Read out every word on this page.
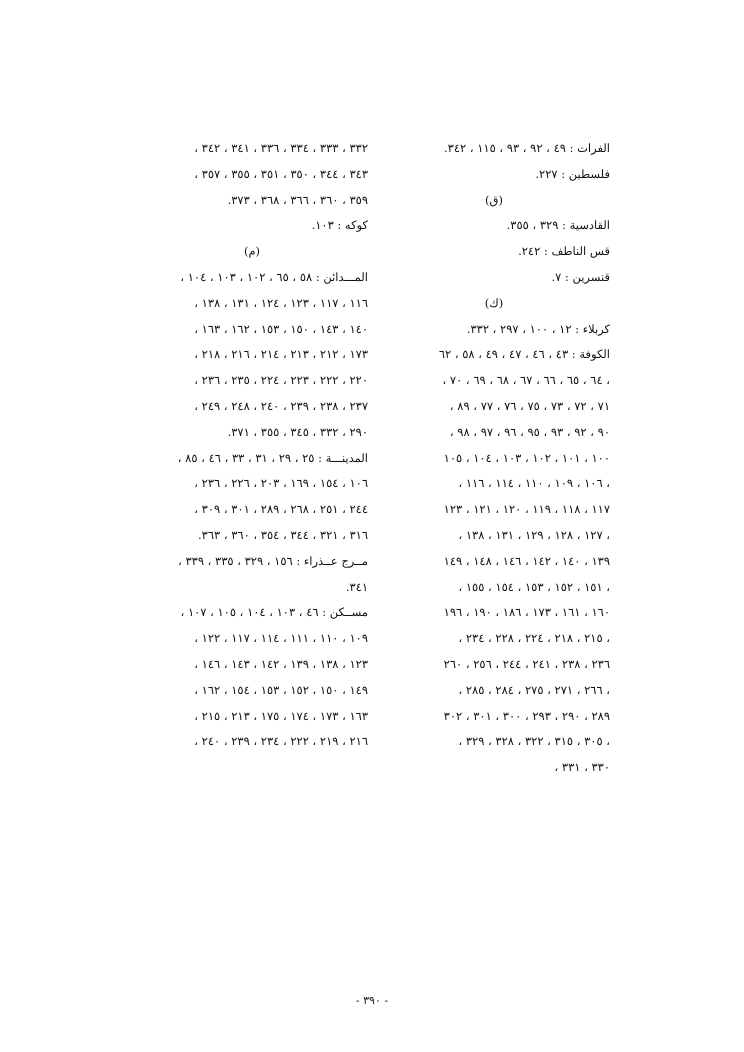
الفرات : ٤٩ ، ٩٢ ، ٩٣ ، ١١٥ ، ٣٤٢.
فلسطين : ٢٢٧.
(ق)
القادسية : ٣٢٩ ، ٣٥٥.
قس الناطف : ٢٤٢.
قنسرين : ٧.
(ك)
كربلاء : ١٢ ، ١٠٠ ، ٢٩٧ ، ٣٣٢.
الكوفة : ٤٣ ، ٤٦ ، ٤٧ ، ٤٩ ، ٥٨ ، ٦٢
، ٦٤ ، ٦٥ ، ٦٦ ، ٦٧ ، ٦٨ ، ٦٩ ، ٧٠ ،
٧١ ، ٧٢ ، ٧٣ ، ٧٥ ، ٧٦ ، ٧٧ ، ٨٩ ،
٩٠ ، ٩٢ ، ٩٣ ، ٩٥ ، ٩٦ ، ٩٧ ، ٩٨ ،
١٠٠ ، ١٠١ ، ١٠٢ ، ١٠٣ ، ١٠٤ ، ١٠٥
، ١٠٦ ، ١٠٩ ، ١١٠ ، ١١٤ ، ١١٦ ،
١١٧ ، ١١٨ ، ١١٩ ، ١٢٠ ، ١٢١ ، ١٢٣
، ١٢٧ ، ١٢٨ ، ١٢٩ ، ١٣١ ، ١٣٨ ،
١٣٩ ، ١٤٠ ، ١٤٢ ، ١٤٦ ، ١٤٨ ، ١٤٩
، ١٥١ ، ١٥٢ ، ١٥٣ ، ١٥٤ ، ١٥٥ ،
١٦٠ ، ١٦١ ، ١٧٣ ، ١٨٦ ، ١٩٠ ، ١٩٦
، ٢١٥ ، ٢١٨ ، ٢٢٤ ، ٢٢٨ ، ٢٣٤ ،
٢٣٦ ، ٢٣٨ ، ٢٤١ ، ٢٤٤ ، ٢٥٦ ، ٢٦٠
، ٢٦٦ ، ٢٧١ ، ٢٧٥ ، ٢٨٤ ، ٢٨٥ ،
٢٨٩ ، ٢٩٠ ، ٢٩٣ ، ٣٠٠ ، ٣٠١ ، ٣٠٢
، ٣٠٥ ، ٣١٥ ، ٣٢٢ ، ٣٢٨ ، ٣٢٩ ،
٣٣٠ ، ٣٣١ ،
٣٣٢ ، ٣٣٣ ، ٣٣٤ ، ٣٣٦ ، ٣٤١ ، ٣٤٢ ،
٣٤٣ ، ٣٤٤ ، ٣٥٠ ، ٣٥١ ، ٣٥٥ ، ٣٥٧ ،
٣٥٩ ، ٣٦٠ ، ٣٦٦ ، ٣٦٨ ، ٣٧٣.
كوكه : ١٠٣.
(م)
المـــدائن : ٥٨ ، ٦٥ ، ١٠٢ ، ١٠٣ ، ١٠٤ ،
١١٦ ، ١١٧ ، ١٢٣ ، ١٢٤ ، ١٣١ ، ١٣٨ ،
١٤٠ ، ١٤٣ ، ١٥٠ ، ١٥٣ ، ١٦٢ ، ١٦٣ ،
١٧٣ ، ٢١٢ ، ٢١٣ ، ٢١٤ ، ٢١٦ ، ٢١٨ ،
٢٢٠ ، ٢٢٢ ، ٢٢٣ ، ٢٢٤ ، ٢٣٥ ، ٢٣٦ ،
٢٣٧ ، ٢٣٨ ، ٢٣٩ ، ٢٤٠ ، ٢٤٨ ، ٢٤٩ ،
٢٩٠ ، ٣٣٢ ، ٣٤٥ ، ٣٥٥ ، ٣٧١.
المدينـــة : ٢٥ ، ٢٩ ، ٣١ ، ٣٣ ، ٤٦ ، ٨٥ ،
١٠٦ ، ١٥٤ ، ١٦٩ ، ٢٠٣ ، ٢٢٦ ، ٢٣٦ ،
٢٤٤ ، ٢٥١ ، ٢٦٨ ، ٢٨٩ ، ٣٠١ ، ٣٠٩ ،
٣١٦ ، ٣٢١ ، ٣٤٤ ، ٣٥٤ ، ٣٦٠ ، ٣٦٣.
مــرج عــذراء : ١٥٦ ، ٣٢٩ ، ٣٣٥ ، ٣٣٩ ،
٣٤١.
مســكن : ٤٦ ، ١٠٣ ، ١٠٤ ، ١٠٥ ، ١٠٧ ،
١٠٩ ، ١١٠ ، ١١١ ، ١١٤ ، ١١٧ ، ١٢٢ ،
١٢٣ ، ١٣٨ ، ١٣٩ ، ١٤٢ ، ١٤٣ ، ١٤٦ ،
١٤٩ ، ١٥٠ ، ١٥٢ ، ١٥٣ ، ١٥٤ ، ١٦٢ ،
١٦٣ ، ١٧٣ ، ١٧٤ ، ١٧٥ ، ٢١٣ ، ٢١٥ ،
٢١٦ ، ٢١٩ ، ٢٢٢ ، ٢٣٤ ، ٢٣٩ ، ٢٤٠ ،
- ٣٩٠ -
